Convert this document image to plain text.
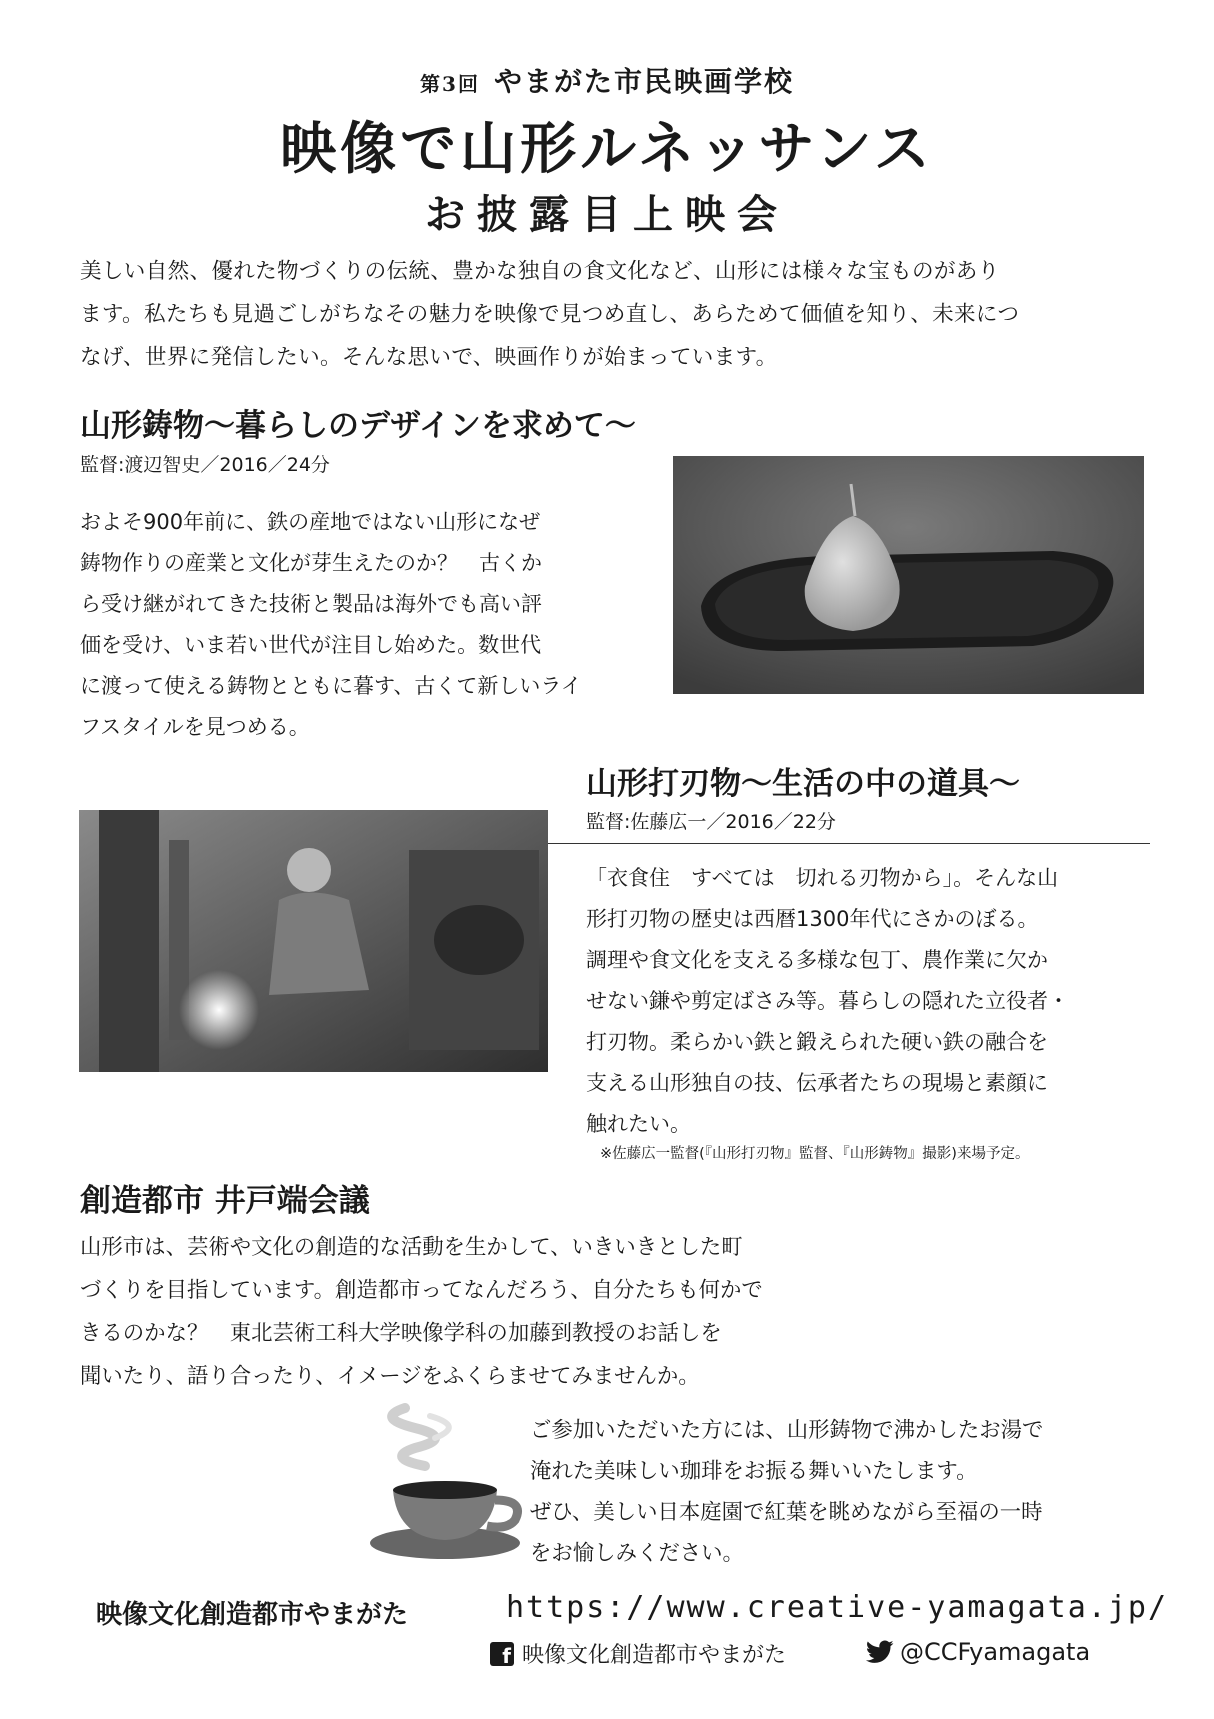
第3回 やまがた市民映画学校
映像で山形ルネッサンス
お披露目上映会
美しい自然、優れた物づくりの伝統、豊かな独自の食文化など、山形には様々な宝ものがあり
ます。私たちも見過ごしがちなその魅力を映像で見つめ直し、あらためて価値を知り、未来につ
なげ、世界に発信したい。そんな思いで、映画作りが始まっています。
山形鋳物〜暮らしのデザインを求めて〜
監督:渡辺智史／2016／24分
およそ900年前に、鉄の産地ではない山形になぜ
鋳物作りの産業と文化が芽生えたのか？　古くか
ら受け継がれてきた技術と製品は海外でも高い評
価を受け、いま若い世代が注目し始めた。数世代
に渡って使える鋳物とともに暮す、古くて新しいライ
フスタイルを見つめる。
山形打刃物〜生活の中の道具〜
監督:佐藤広一／2016／22分
「衣食住　すべては　切れる刃物から」。そんな山
形打刃物の歴史は西暦1300年代にさかのぼる。
調理や食文化を支える多様な包丁、農作業に欠か
せない鎌や剪定ばさみ等。暮らしの隠れた立役者・
打刃物。柔らかい鉄と鍛えられた硬い鉄の融合を
支える山形独自の技、伝承者たちの現場と素顔に
触れたい。
※佐藤広一監督(『山形打刃物』監督、『山形鋳物』撮影)来場予定。
創造都市 井戸端会議
山形市は、芸術や文化の創造的な活動を生かして、いきいきとした町
づくりを目指しています。創造都市ってなんだろう、自分たちも何かで
きるのかな？　東北芸術工科大学映像学科の加藤到教授のお話しを
聞いたり、語り合ったり、イメージをふくらませてみませんか。
ご参加いただいた方には、山形鋳物で沸かしたお湯で
淹れた美味しい珈琲をお振る舞いいたします。
ぜひ、美しい日本庭園で紅葉を眺めながら至福の一時
をお愉しみください。
映像文化創造都市やまがた	https://www.creative-yamagata.jp/
f 映像文化創造都市やまがた	@CCFyamagata
